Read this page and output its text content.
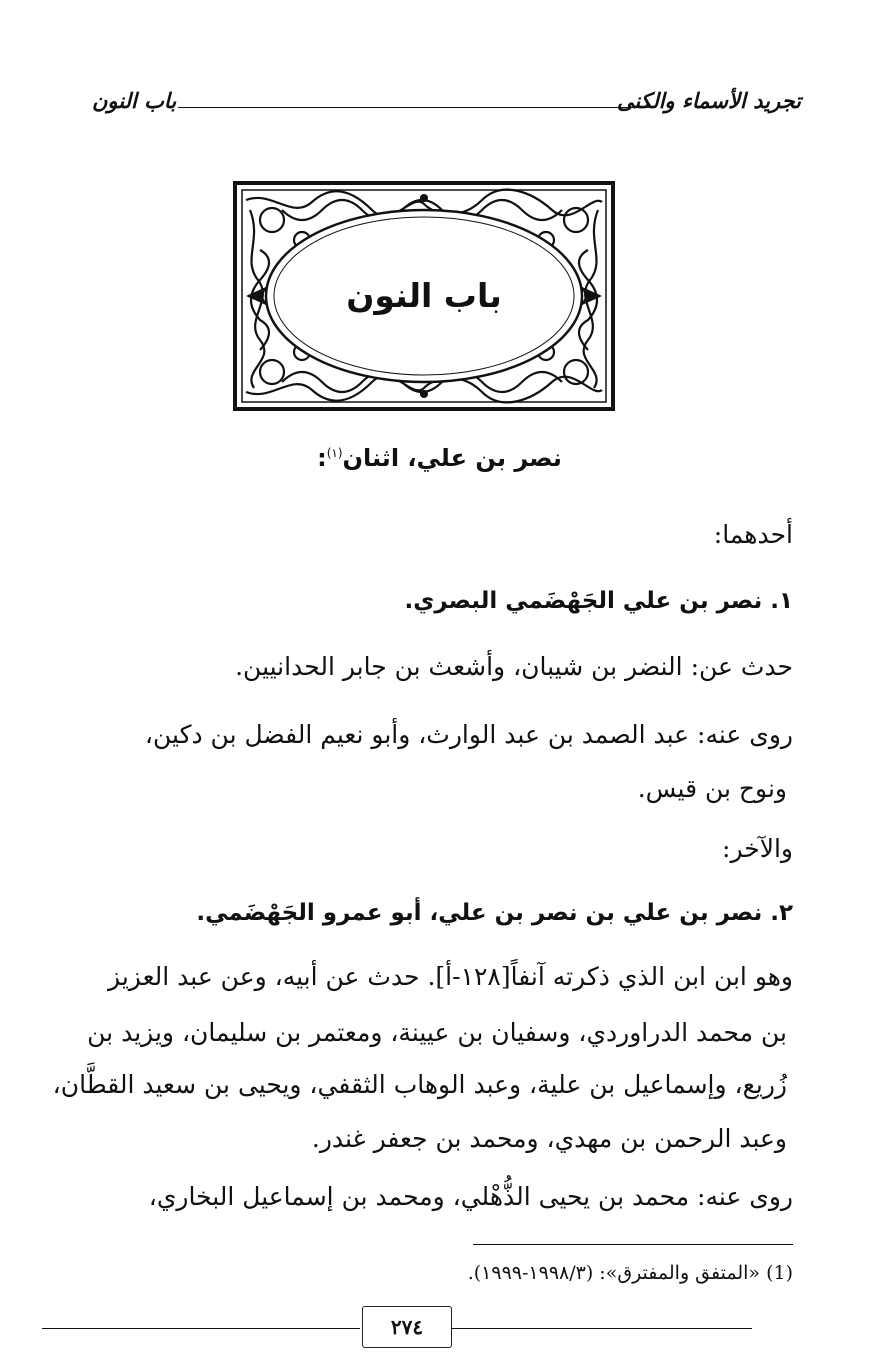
تجريد الأسماء والكنى
باب النون
باب النون
نصر بن علي، اثنان$^{(١)}$:
أحدهما:
١. نصر بن علي الجَهْضَمي البصري.
حدث عن: النضر بن شيبان، وأشعث بن جابر الحدانيين.
روى عنه: عبد الصمد بن عبد الوارث، وأبو نعيم الفضل بن دكين،
ونوح بن قيس.
والآخر:
٢. نصر بن علي بن نصر بن علي، أبو عمرو الجَهْضَمي.
وهو ابن ابن الذي ذكرته آنفاً[١٢٨-أ]. حدث عن أبيه، وعن عبد العزيز
بن محمد الدراوردي، وسفيان بن عيينة، ومعتمر بن سليمان، ويزيد بن
زُريع، وإسماعيل بن علية، وعبد الوهاب الثقفي، ويحيى بن سعيد القطَّان،
وعبد الرحمن بن مهدي، ومحمد بن جعفر غندر.
روى عنه: محمد بن يحيى الذُّهْلي، ومحمد بن إسماعيل البخاري،
(1) «المتفق والمفترق»: (١٩٩٨/٣-١٩٩٩).
٢٧٤
